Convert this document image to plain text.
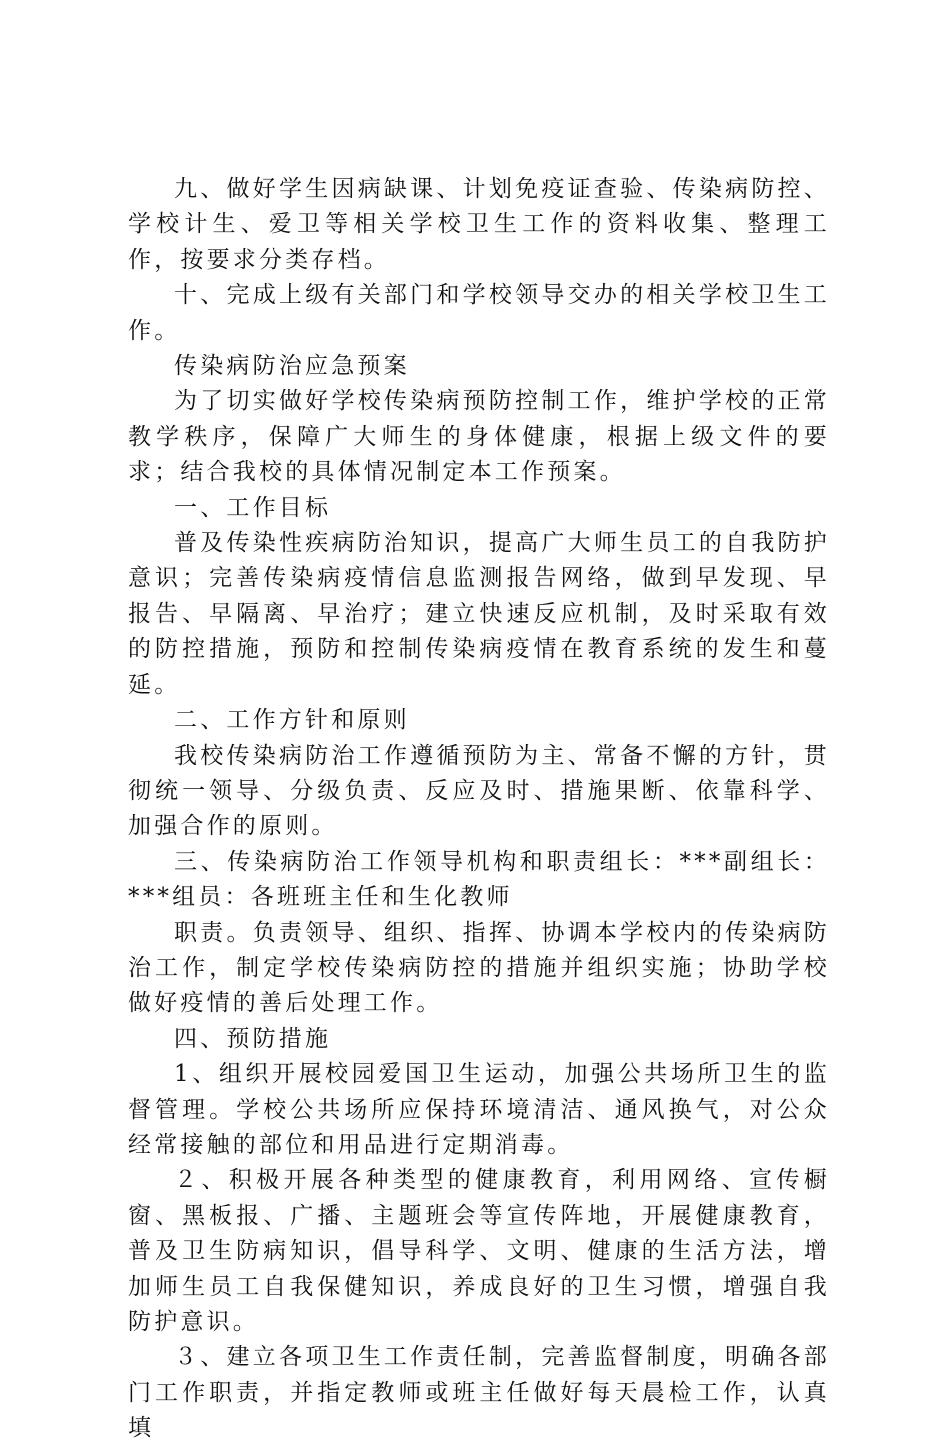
九、做好学生因病缺课、计划免疫证查验、传染病防控、学校计生、爱卫等相关学校卫生工作的资料收集、整理工作，按要求分类存档。

十、完成上级有关部门和学校领导交办的相关学校卫生工作。

传染病防治应急预案

为了切实做好学校传染病预防控制工作，维护学校的正常教学秩序，保障广大师生的身体健康，根据上级文件的要求；结合我校的具体情况制定本工作预案。

一、工作目标

普及传染性疾病防治知识，提高广大师生员工的自我防护意识；完善传染病疫情信息监测报告网络，做到早发现、早报告、早隔离、早治疗；建立快速反应机制，及时采取有效的防控措施，预防和控制传染病疫情在教育系统的发生和蔓延。

二、工作方针和原则

我校传染病防治工作遵循预防为主、常备不懈的方针，贯彻统一领导、分级负责、反应及时、措施果断、依靠科学、加强合作的原则。

三、传染病防治工作领导机构和职责组长：***副组长：***组员：各班班主任和生化教师

职责。负责领导、组织、指挥、协调本学校内的传染病防治工作，制定学校传染病防控的措施并组织实施；协助学校做好疫情的善后处理工作。

四、预防措施

1、组织开展校园爱国卫生运动，加强公共场所卫生的监督管理。学校公共场所应保持环境清洁、通风换气，对公众经常接触的部位和用品进行定期消毒。

２、积极开展各种类型的健康教育，利用网络、宣传橱窗、黑板报、广播、主题班会等宣传阵地，开展健康教育，普及卫生防病知识，倡导科学、文明、健康的生活方法，增加师生员工自我保健知识，养成良好的卫生习惯，增强自我防护意识。

３、建立各项卫生工作责任制，完善监督制度，明确各部门工作职责，并指定教师或班主任做好每天晨检工作，认真填
